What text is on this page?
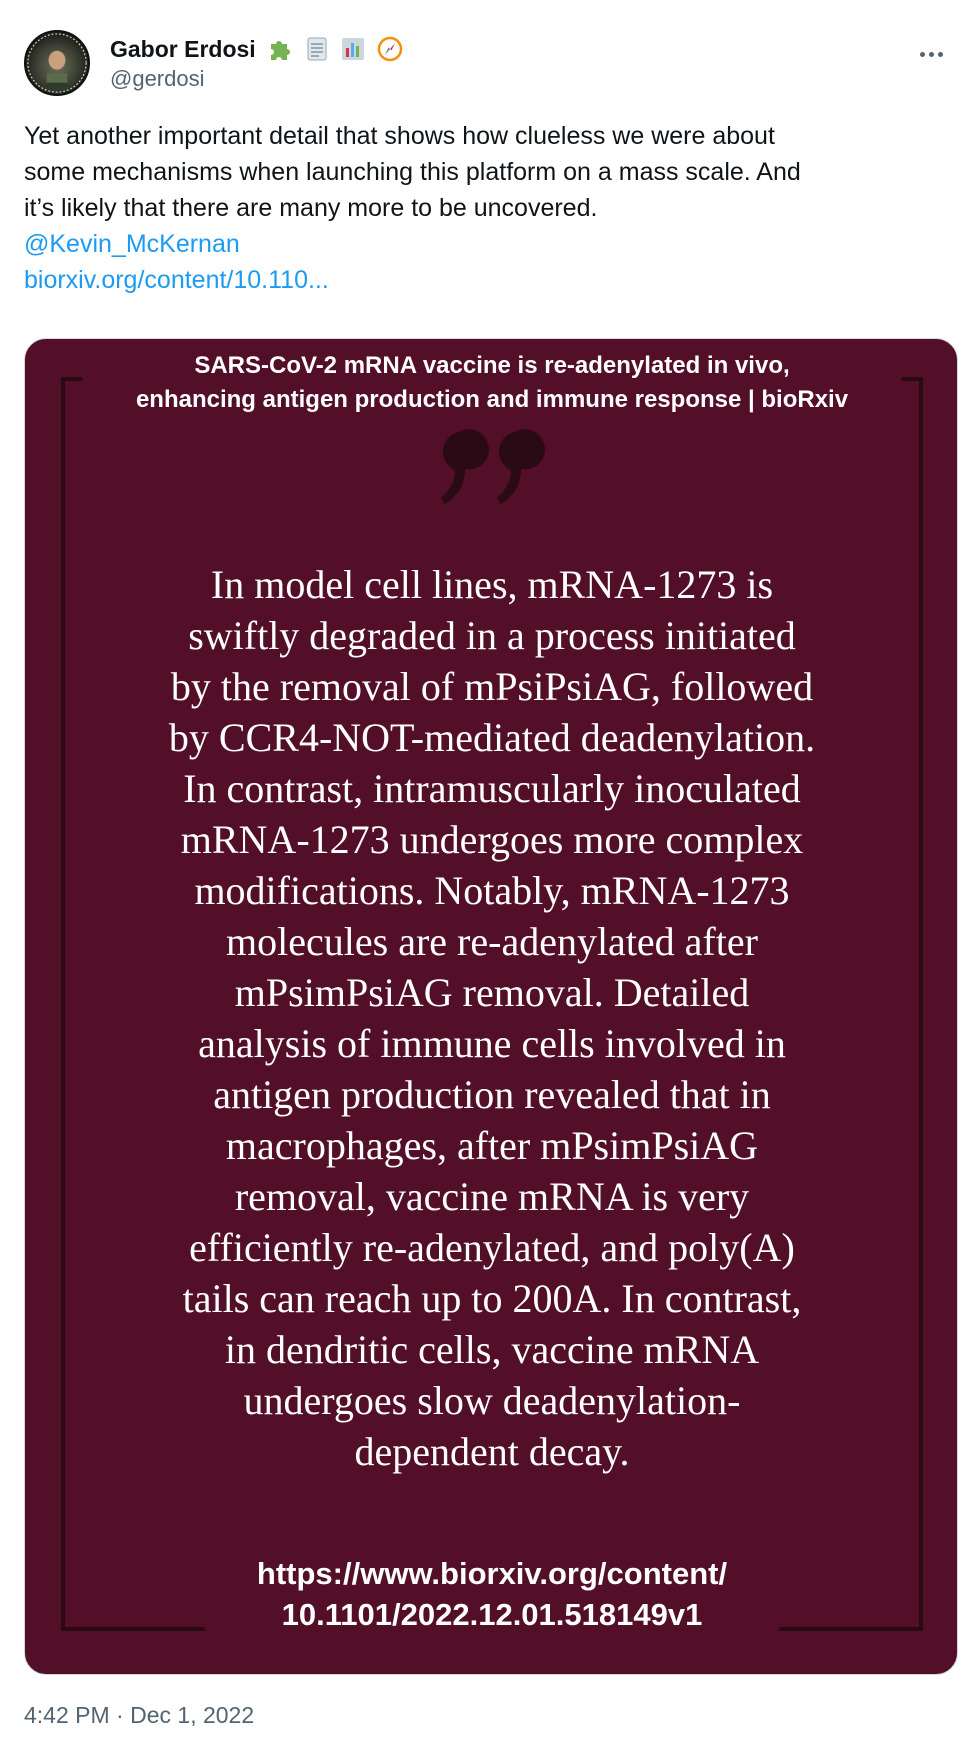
Gabor Erdosi
@gerdosi
Yet another important detail that shows how clueless we were about
some mechanisms when launching this platform on a mass scale. And
it’s likely that there are many more to be uncovered.
@Kevin_McKernan
biorxiv.org/content/10.110...
SARS-CoV-2 mRNA vaccine is re-adenylated in vivo,
enhancing antigen production and immune response | bioRxiv
In model cell lines, mRNA-1273 is
swiftly degraded in a process initiated
by the removal of mPsiPsiAG, followed
by CCR4-NOT-mediated deadenylation.
In contrast, intramuscularly inoculated
mRNA-1273 undergoes more complex
modifications. Notably, mRNA-1273
molecules are re-adenylated after
mPsimPsiAG removal. Detailed
analysis of immune cells involved in
antigen production revealed that in
macrophages, after mPsimPsiAG
removal, vaccine mRNA is very
efficiently re-adenylated, and poly(A)
tails can reach up to 200A. In contrast,
in dendritic cells, vaccine mRNA
undergoes slow deadenylation-
dependent decay.
https://www.biorxiv.org/content/
10.1101/2022.12.01.518149v1
4:42 PM · Dec 1, 2022
